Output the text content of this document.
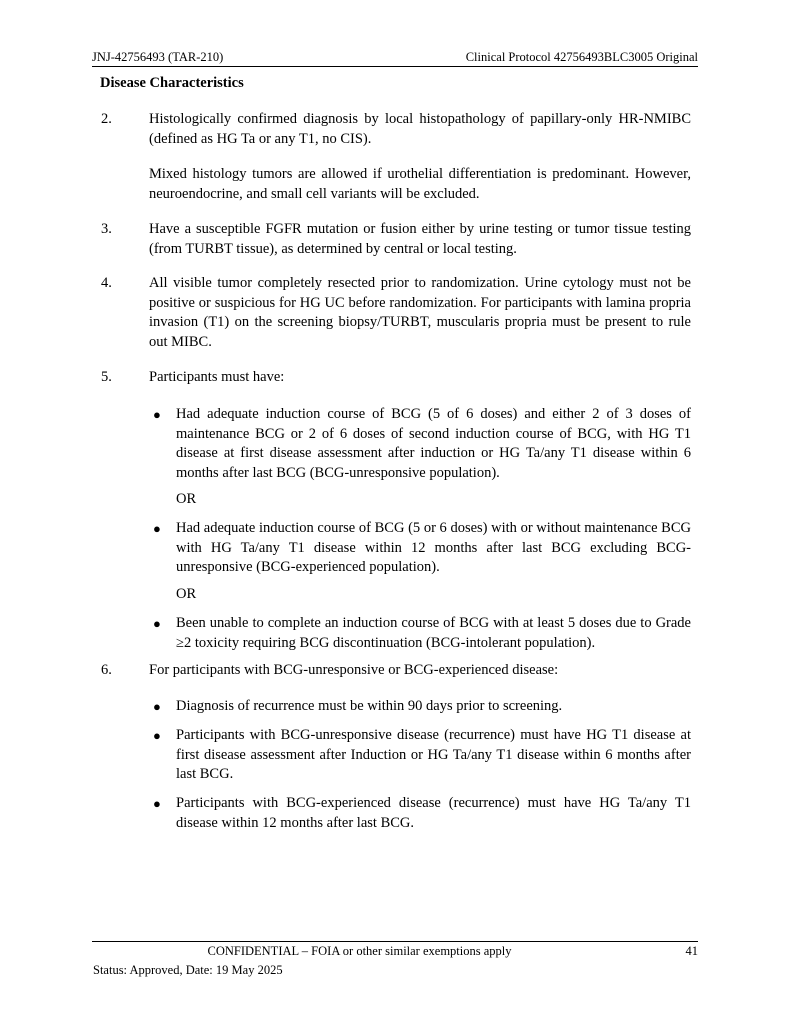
JNJ-42756493 (TAR-210)	Clinical Protocol 42756493BLC3005 Original
Disease Characteristics
2.	Histologically confirmed diagnosis by local histopathology of papillary-only HR-NMIBC (defined as HG Ta or any T1, no CIS).
Mixed histology tumors are allowed if urothelial differentiation is predominant. However, neuroendocrine, and small cell variants will be excluded.
3.	Have a susceptible FGFR mutation or fusion either by urine testing or tumor tissue testing (from TURBT tissue), as determined by central or local testing.
4.	All visible tumor completely resected prior to randomization. Urine cytology must not be positive or suspicious for HG UC before randomization. For participants with lamina propria invasion (T1) on the screening biopsy/TURBT, muscularis propria must be present to rule out MIBC.
5.	Participants must have:
● Had adequate induction course of BCG (5 of 6 doses) and either 2 of 3 doses of maintenance BCG or 2 of 6 doses of second induction course of BCG, with HG T1 disease at first disease assessment after induction or HG Ta/any T1 disease within 6 months after last BCG (BCG-unresponsive population).
OR
● Had adequate induction course of BCG (5 or 6 doses) with or without maintenance BCG with HG Ta/any T1 disease within 12 months after last BCG excluding BCG-unresponsive (BCG-experienced population).
OR
● Been unable to complete an induction course of BCG with at least 5 doses due to Grade ≥2 toxicity requiring BCG discontinuation (BCG-intolerant population).
6.	For participants with BCG-unresponsive or BCG-experienced disease:
● Diagnosis of recurrence must be within 90 days prior to screening.
● Participants with BCG-unresponsive disease (recurrence) must have HG T1 disease at first disease assessment after Induction or HG Ta/any T1 disease within 6 months after last BCG.
● Participants with BCG-experienced disease (recurrence) must have HG Ta/any T1 disease within 12 months after last BCG.
CONFIDENTIAL – FOIA or other similar exemptions apply	41
Status: Approved, Date: 19 May 2025
